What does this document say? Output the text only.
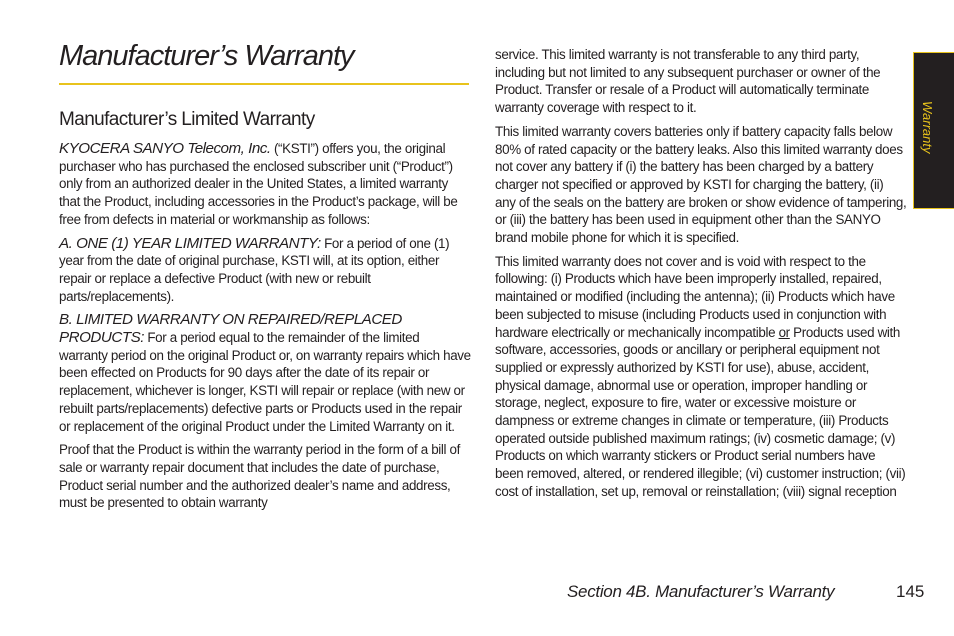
Manufacturer’s Warranty
Manufacturer’s Limited Warranty

KYOCERA SANYO Telecom, Inc. (“KSTI”) offers you, the original purchaser who has purchased the enclosed subscriber unit (“Product”) only from an authorized dealer in the United States, a limited warranty that the Product, including accessories in the Product’s package, will be free from defects in material or workmanship as follows:

A. ONE (1) YEAR LIMITED WARRANTY: For a period of one (1) year from the date of original purchase, KSTI will, at its option, either repair or replace a defective Product (with new or rebuilt parts/replacements).

B. LIMITED WARRANTY ON REPAIRED/REPLACED PRODUCTS: For a period equal to the remainder of the limited warranty period on the original Product or, on warranty repairs which have been effected on Products for 90 days after the date of its repair or replacement, whichever is longer, KSTI will repair or replace (with new or rebuilt parts/replacements) defective parts or Products used in the repair or replacement of the original Product under the Limited Warranty on it.

Proof that the Product is within the warranty period in the form of a bill of sale or warranty repair document that includes the date of purchase, Product serial number and the authorized dealer’s name and address, must be presented to obtain warranty

service. This limited warranty is not transferable to any third party, including but not limited to any subsequent purchaser or owner of the Product. Transfer or resale of a Product will automatically terminate warranty coverage with respect to it.

This limited warranty covers batteries only if battery capacity falls below 80% of rated capacity or the battery leaks. Also this limited warranty does not cover any battery if (i) the battery has been charged by a battery charger not specified or approved by KSTI for charging the battery, (ii) any of the seals on the battery are broken or show evidence of tampering, or (iii) the battery has been used in equipment other than the SANYO brand mobile phone for which it is specified.

This limited warranty does not cover and is void with respect to the following: (i) Products which have been improperly installed, repaired, maintained or modified (including the antenna); (ii) Products which have been subjected to misuse (including Products used in conjunction with hardware electrically or mechanically incompatible or Products used with software, accessories, goods or ancillary or peripheral equipment not supplied or expressly authorized by KSTI for use), abuse, accident, physical damage, abnormal use or operation, improper handling or storage, neglect, exposure to fire, water or excessive moisture or dampness or extreme changes in climate or temperature, (iii) Products operated outside published maximum ratings; (iv) cosmetic damage; (v) Products on which warranty stickers or Product serial numbers have been removed, altered, or rendered illegible; (vi) customer instruction; (vii) cost of installation, set up, removal or reinstallation; (viii) signal reception

Warranty
Section 4B. Manufacturer’s Warranty	145
